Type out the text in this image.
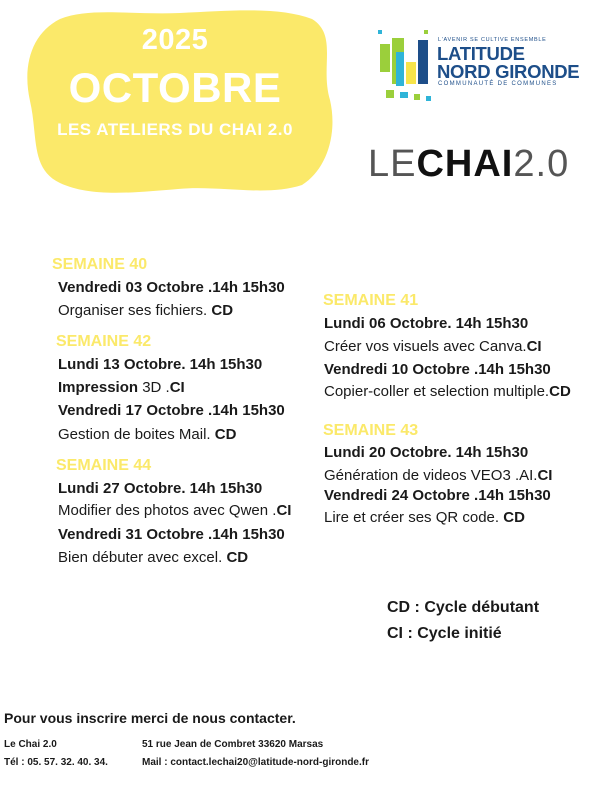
2025
OCTOBRE
LES ATELIERS DU CHAI 2.0
L'AVENIR SE CULTIVE ENSEMBLE
LATITUDE
NORD GIRONDE
COMMUNAUTÉ DE COMMUNES
LECHAI2.0
SEMAINE 40
Vendredi 03 Octobre .14h 15h30
Organiser ses fichiers. CD
SEMAINE 42
Lundi 13 Octobre. 14h 15h30
Impression 3D .CI
Vendredi 17 Octobre .14h 15h30
Gestion de boites Mail. CD
SEMAINE 44
Lundi 27 Octobre. 14h 15h30
Modifier des photos avec Qwen .CI
Vendredi 31 Octobre .14h 15h30
Bien débuter avec excel. CD
SEMAINE 41
Lundi 06 Octobre. 14h 15h30
Créer vos visuels avec Canva.CI
Vendredi 10 Octobre .14h 15h30
Copier-coller et selection multiple.CD
SEMAINE 43
Lundi 20 Octobre. 14h 15h30
Génération de videos VEO3 .AI.CI
Vendredi 24 Octobre .14h 15h30
Lire et créer ses QR code. CD
CD : Cycle débutant
CI : Cycle initié
Pour vous inscrire merci de nous contacter.
Le Chai 2.0	51 rue Jean de Combret 33620 Marsas
Tél : 05. 57. 32. 40. 34.	Mail : contact.lechai20@latitude-nord-gironde.fr
